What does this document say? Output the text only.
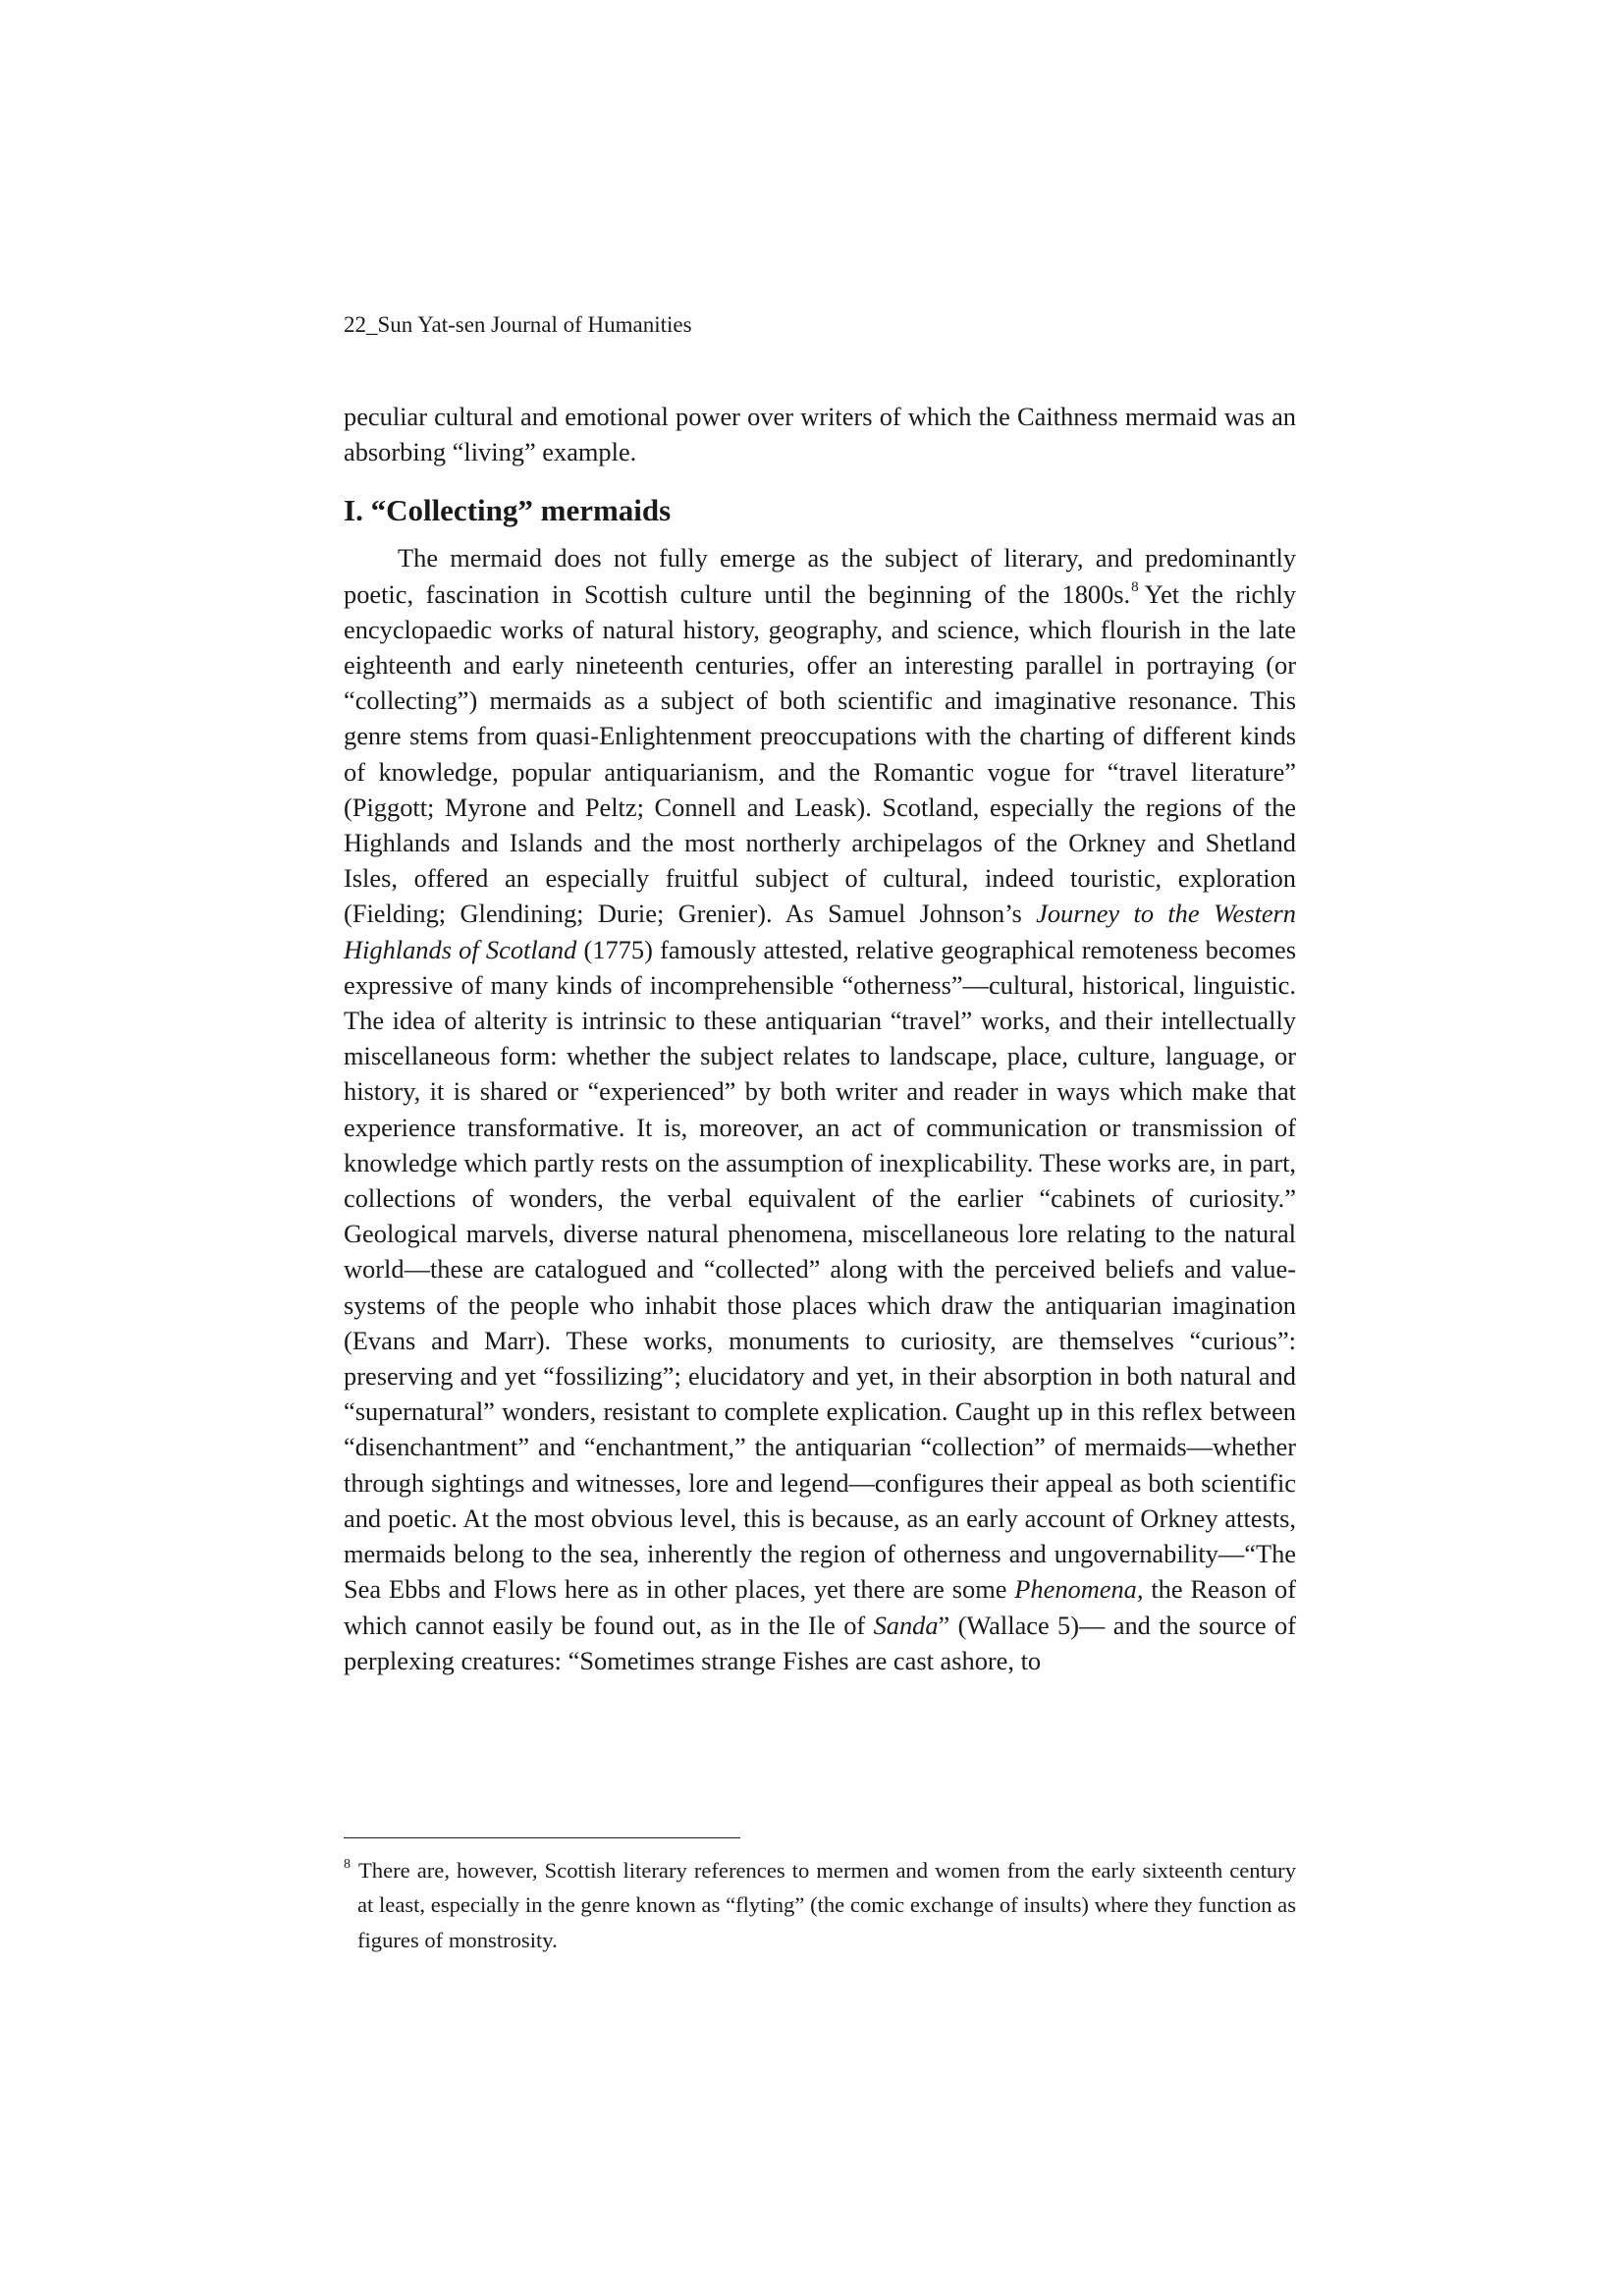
22_Sun Yat-sen Journal of Humanities

peculiar cultural and emotional power over writers of which the Caithness mermaid was an absorbing “living” example.

I. “Collecting” mermaids

The mermaid does not fully emerge as the subject of literary, and predominantly poetic, fascination in Scottish culture until the beginning of the 1800s.$^8$ Yet the richly encyclopaedic works of natural history, geography, and science, which flourish in the late eighteenth and early nineteenth centuries, offer an interesting parallel in portraying (or “collecting”) mermaids as a subject of both scientific and imaginative resonance. This genre stems from quasi-Enlightenment preoccupations with the charting of different kinds of knowledge, popular antiquarianism, and the Romantic vogue for “travel literature” (Piggott; Myrone and Peltz; Connell and Leask). Scotland, especially the regions of the Highlands and Islands and the most northerly archipelagos of the Orkney and Shetland Isles, offered an especially fruitful subject of cultural, indeed touristic, exploration (Fielding; Glendining; Durie; Grenier). As Samuel Johnson’s Journey to the Western Highlands of Scotland (1775) famously attested, relative geographical remoteness becomes expressive of many kinds of incomprehensible “otherness”—cultural, historical, linguistic. The idea of alterity is intrinsic to these antiquarian “travel” works, and their intellectually miscellaneous form: whether the subject relates to landscape, place, culture, language, or history, it is shared or “experienced” by both writer and reader in ways which make that experience transformative. It is, moreover, an act of communication or transmission of knowledge which partly rests on the assumption of inexplicability. These works are, in part, collections of wonders, the verbal equivalent of the earlier “cabinets of curiosity.” Geological marvels, diverse natural phenomena, miscellaneous lore relating to the natural world—these are catalogued and “collected” along with the perceived beliefs and value-systems of the people who inhabit those places which draw the antiquarian imagination (Evans and Marr). These works, monuments to curiosity, are themselves “curious”: preserving and yet “fossilizing”; elucidatory and yet, in their absorption in both natural and “supernatural” wonders, resistant to complete explication. Caught up in this reflex between “disenchantment” and “enchantment,” the antiquarian “collection” of mermaids—whether through sightings and witnesses, lore and legend—configures their appeal as both scientific and poetic. At the most obvious level, this is because, as an early account of Orkney attests, mermaids belong to the sea, inherently the region of otherness and ungovernability—“The Sea Ebbs and Flows here as in other places, yet there are some Phenomena, the Reason of which cannot easily be found out, as in the Ile of Sanda” (Wallace 5)— and the source of perplexing creatures: “Sometimes strange Fishes are cast ashore, to

$^8$ There are, however, Scottish literary references to mermen and women from the early sixteenth century at least, especially in the genre known as “flyting” (the comic exchange of insults) where they function as figures of monstrosity.
